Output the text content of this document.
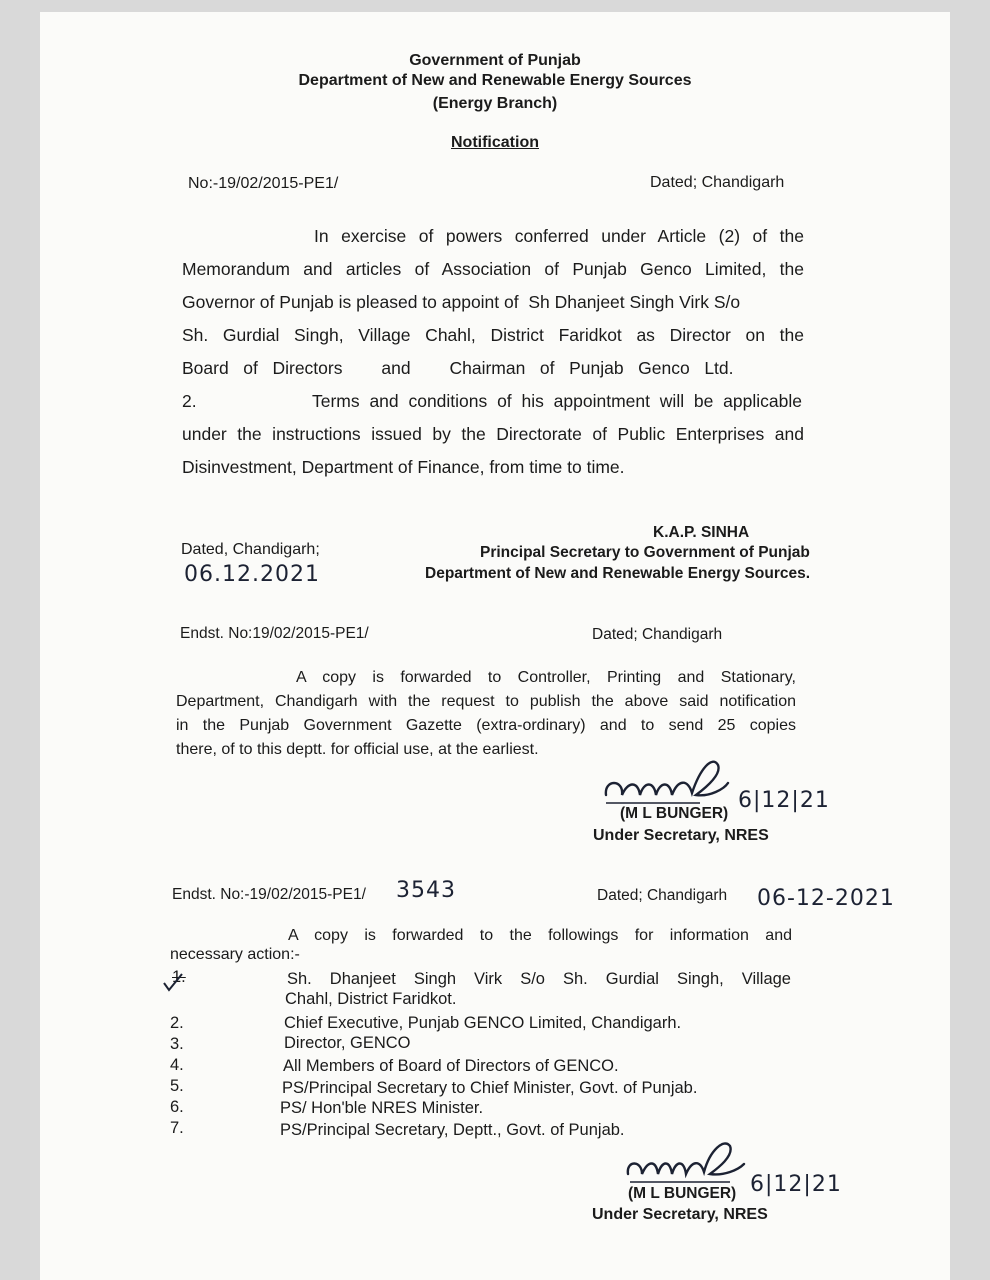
Government of Punjab
Department of New and Renewable Energy Sources
(Energy Branch)
Notification
No:-19/02/2015-PE1/	Dated; Chandigarh
In exercise of powers conferred under Article (2) of the
Memorandum and articles of Association of Punjab Genco Limited, the
Governor of Punjab is pleased to appoint of  Sh Dhanjeet Singh Virk S/o
Sh. Gurdial Singh, Village Chahl, District Faridkot as Director on the
Board   of   Directors        and        Chairman   of   Punjab   Genco   Ltd.
2.	Terms and conditions of his appointment will be applicable
under the instructions issued by the Directorate of Public Enterprises and
Disinvestment, Department of Finance, from time to time.
Dated, Chandigarh;
06.12.2021
K.A.P. SINHA
Principal Secretary to Government of Punjab
Department of New and Renewable Energy Sources.
Endst. No:19/02/2015-PE1/	Dated; Chandigarh
A copy is forwarded to Controller, Printing and Stationary,
Department, Chandigarh with the request to publish the above said notification
in the Punjab Government Gazette (extra-ordinary) and to send 25 copies
there, of to this deptt. for official use, at the earliest.
(M L BUNGER)
6|12|21
Under Secretary, NRES
Endst. No:-19/02/2015-PE1/ 3543	Dated; Chandigarh 06-12-2021
A copy is forwarded to the followings for information and
necessary action:-
1.	Sh. Dhanjeet Singh Virk S/o Sh. Gurdial Singh, Village
Chahl, District Faridkot.
2.	Chief Executive, Punjab GENCO Limited, Chandigarh.
3.	Director, GENCO
4.	All Members of Board of Directors of GENCO.
5.	PS/Principal Secretary to Chief Minister, Govt. of Punjab.
6.	PS/ Hon'ble NRES Minister.
7.	PS/Principal Secretary, Deptt., Govt. of Punjab.
(M L BUNGER) 6|12|21
Under Secretary, NRES
